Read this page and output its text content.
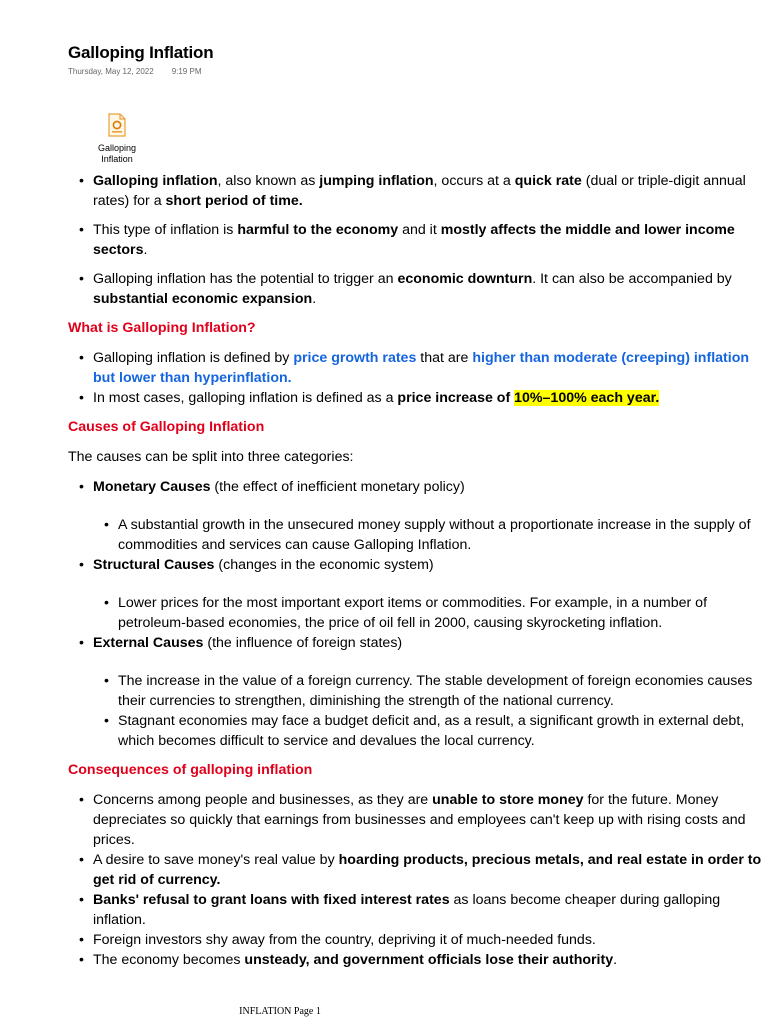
Galloping Inflation
Thursday, May 12, 2022 9:19 PM
Galloping
Inflation
• Galloping inflation, also known as jumping inflation, occurs at a quick rate (dual or triple-digit annual rates) for a short period of time.
• This type of inflation is harmful to the economy and it mostly affects the middle and lower income sectors.
• Galloping inflation has the potential to trigger an economic downturn. It can also be accompanied by substantial economic expansion.
What is Galloping Inflation?
• Galloping inflation is defined by price growth rates that are higher than moderate (creeping) inflation but lower than hyperinflation.
• In most cases, galloping inflation is defined as a price increase of 10%–100% each year.
Causes of Galloping Inflation

The causes can be split into three categories:

• Monetary Causes (the effect of inefficient monetary policy)
• A substantial growth in the unsecured money supply without a proportionate increase in the supply of commodities and services can cause Galloping Inflation.
• Structural Causes (changes in the economic system)
• Lower prices for the most important export items or commodities. For example, in a number of petroleum-based economies, the price of oil fell in 2000, causing skyrocketing inflation.
• External Causes (the influence of foreign states)
• The increase in the value of a foreign currency. The stable development of foreign economies causes their currencies to strengthen, diminishing the strength of the national currency.
• Stagnant economies may face a budget deficit and, as a result, a significant growth in external debt, which becomes difficult to service and devalues the local currency.
Consequences of galloping inflation
• Concerns among people and businesses, as they are unable to store money for the future. Money depreciates so quickly that earnings from businesses and employees can't keep up with rising costs and prices.
• A desire to save money's real value by hoarding products, precious metals, and real estate in order to get rid of currency.
• Banks' refusal to grant loans with fixed interest rates as loans become cheaper during galloping inflation.
• Foreign investors shy away from the country, depriving it of much-needed funds.
• The economy becomes unsteady, and government officials lose their authority.
INFLATION Page 1
